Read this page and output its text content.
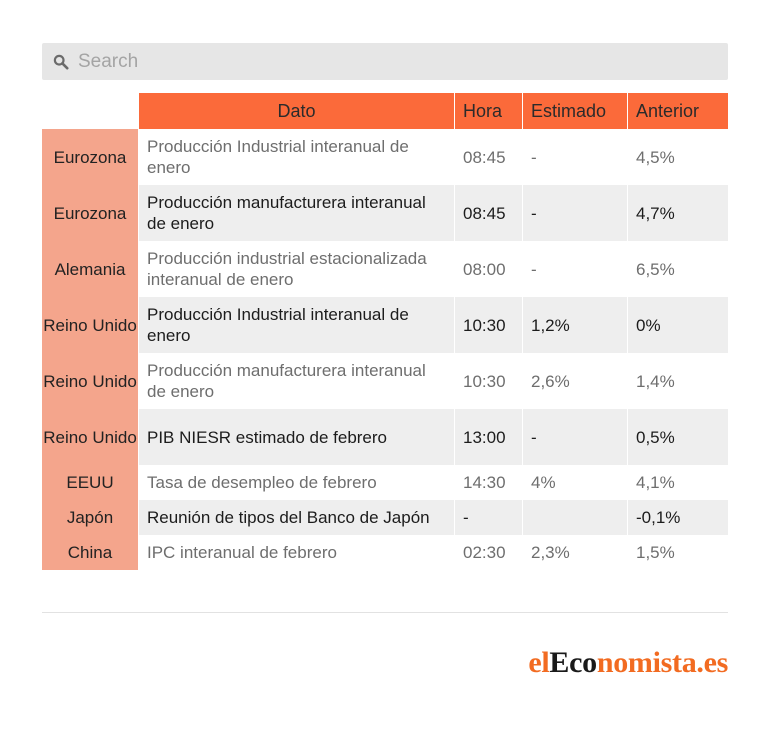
Search
	Dato	Hora	Estimado	Anterior
Eurozona	Producción Industrial interanual de enero	08:45	-	4,5%
Eurozona	Producción manufacturera interanual de enero	08:45	-	4,7%
Alemania	Producción industrial estacionalizada interanual de enero	08:00	-	6,5%
Reino Unido	Producción Industrial interanual de enero	10:30	1,2%	0%
Reino Unido	Producción manufacturera interanual de enero	10:30	2,6%	1,4%
Reino Unido	PIB NIESR estimado de febrero	13:00	-	0,5%
EEUU	Tasa de desempleo de febrero	14:30	4%	4,1%
Japón	Reunión de tipos del Banco de Japón	-		-0,1%
China	IPC interanual de febrero	02:30	2,3%	1,5%
elEconomista.es
